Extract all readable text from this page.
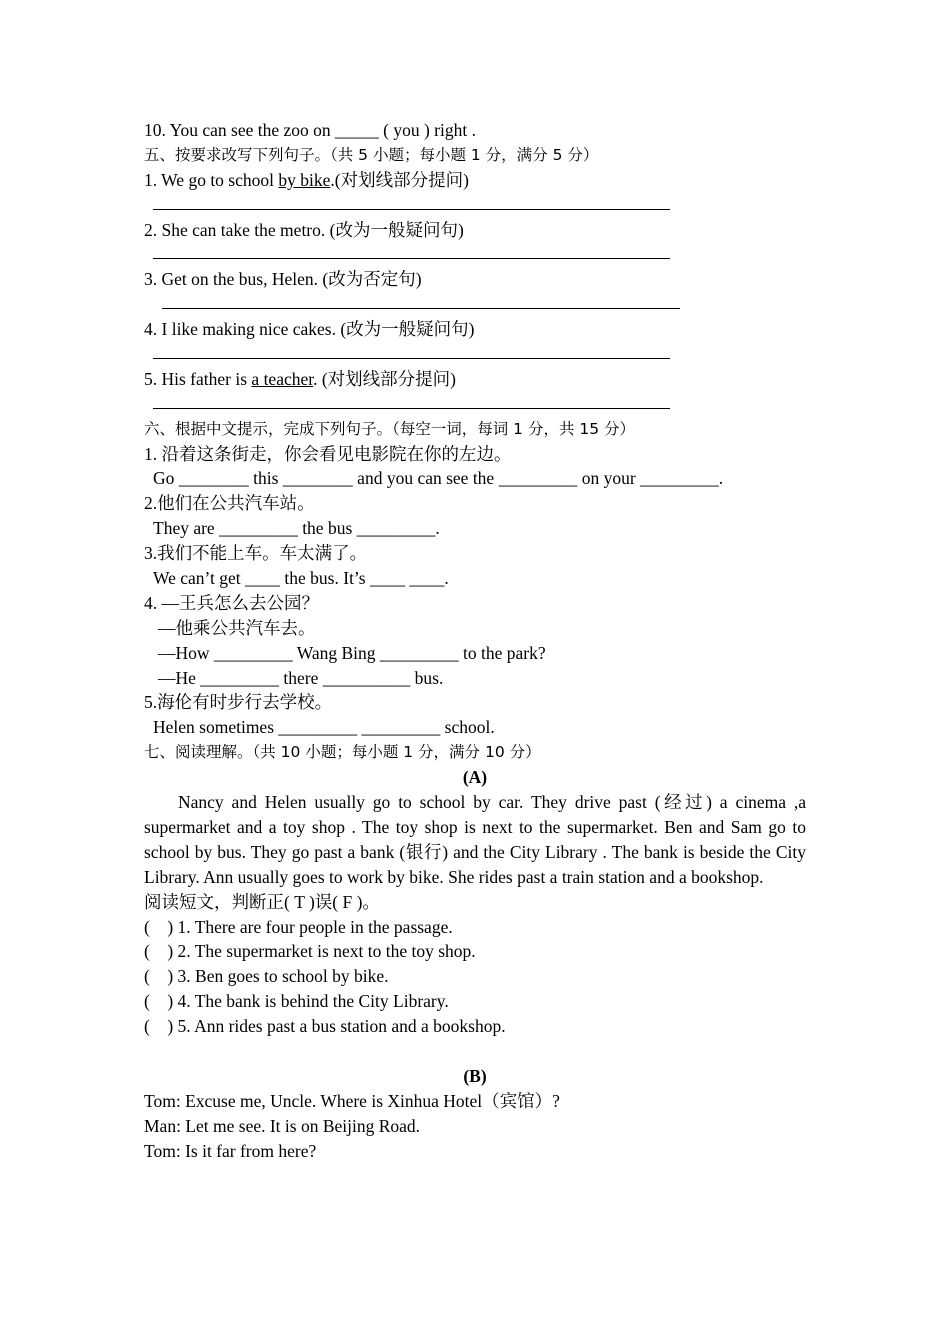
10. You can see the zoo on _____ ( you ) right .
五、按要求改写下列句子。（共 5 小题；每小题 1 分，满分 5 分）
1. We go to school by bike.(对划线部分提问)
2. She can take the metro. (改为一般疑问句)
3. Get on the bus, Helen. (改为否定句)
4. I like making nice cakes. (改为一般疑问句)
5. His father is a teacher. (对划线部分提问)
六、根据中文提示，完成下列句子。（每空一词，每词 1 分，共 15 分）
1. 沿着这条街走，你会看见电影院在你的左边。
Go ________ this ________ and you can see the _________ on your _________.
2.他们在公共汽车站。
They are _________ the bus _________.
3.我们不能上车。车太满了。
We can’t get ____ the bus. It’s ____ ____.
4. —王兵怎么去公园？
—他乘公共汽车去。
—How _________ Wang Bing _________ to the park?
—He _________ there __________ bus.
5.海伦有时步行去学校。
Helen sometimes _________ _________ school.
七、阅读理解。（共 10 小题；每小题 1 分，满分 10 分）
(A)
Nancy and Helen usually go to school by car. They drive past (经过) a cinema ,a supermarket and a toy shop . The toy shop is next to the supermarket. Ben and Sam go to school by bus. They go past a bank (银行) and the City Library . The bank is beside the City Library. Ann usually goes to work by bike. She rides past a train station and a bookshop.
阅读短文，判断正( T )误( F )。
(    ) 1. There are four people in the passage.
(    ) 2. The supermarket is next to the toy shop.
(    ) 3. Ben goes to school by bike.
(    ) 4. The bank is behind the City Library.
(    ) 5. Ann rides past a bus station and a bookshop.
(B)
Tom: Excuse me, Uncle. Where is Xinhua Hotel（宾馆）?
Man: Let me see. It is on Beijing Road.
Tom: Is it far from here?
